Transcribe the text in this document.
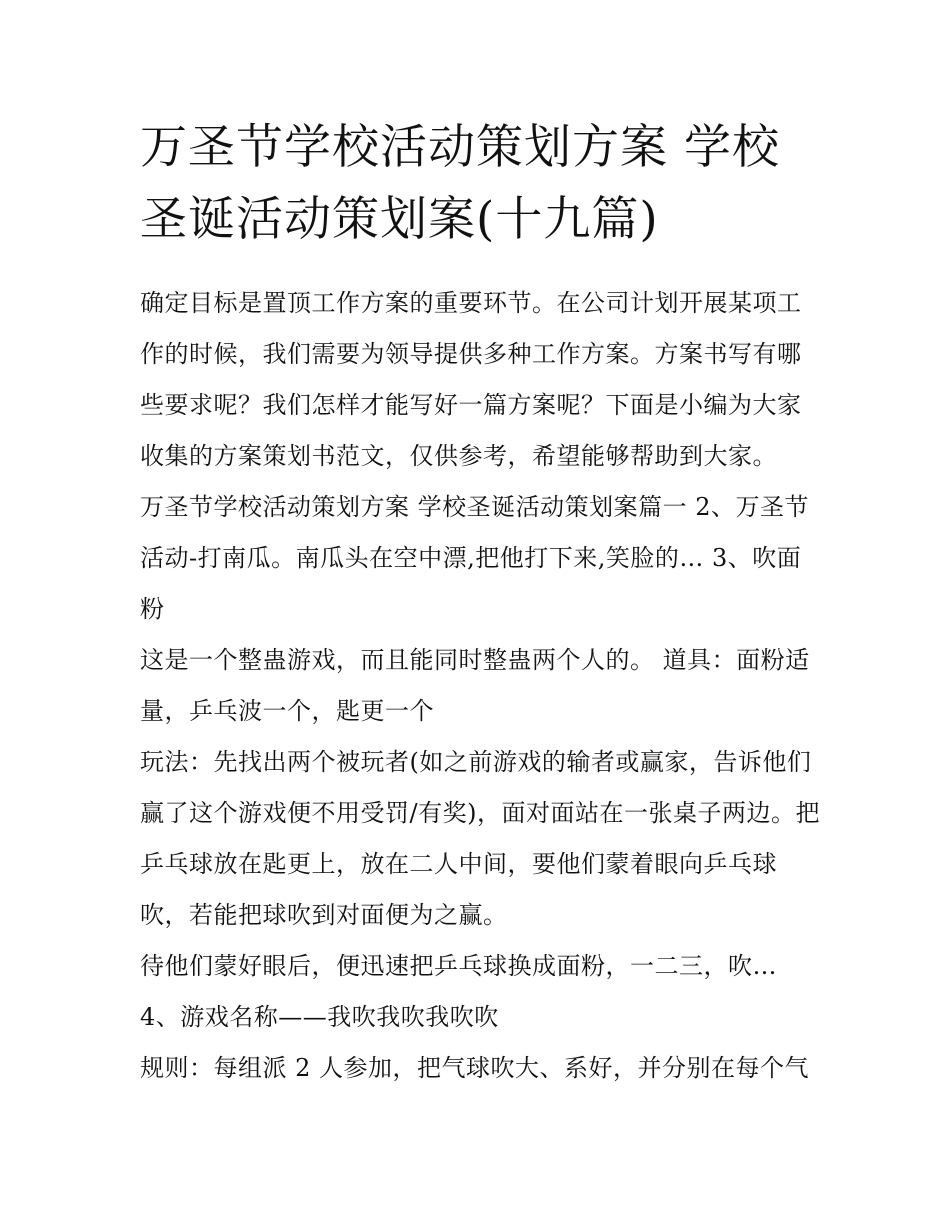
万圣节学校活动策划方案 学校
圣诞活动策划案(十九篇)

确定目标是置顶工作方案的重要环节。在公司计划开展某项工作的时候，我们需要为领导提供多种工作方案。方案书写有哪些要求呢？我们怎样才能写好一篇方案呢？下面是小编为大家收集的方案策划书范文，仅供参考，希望能够帮助到大家。

万圣节学校活动策划方案 学校圣诞活动策划案篇一 2、万圣节活动-打南瓜。南瓜头在空中漂,把他打下来,笑脸的… 3、吹面粉

这是一个整蛊游戏，而且能同时整蛊两个人的。 道具：面粉适量，乒乓波一个，匙更一个

玩法：先找出两个被玩者(如之前游戏的输者或赢家，告诉他们赢了这个游戏便不用受罚/有奖)，面对面站在一张桌子两边。把乒乓球放在匙更上，放在二人中间，要他们蒙着眼向乒乓球吹，若能把球吹到对面便为之赢。

待他们蒙好眼后，便迅速把乒乓球换成面粉，一二三，吹…

4、游戏名称——我吹我吹我吹吹

规则：每组派 2 人参加，把气球吹大、系好，并分别在每个气
